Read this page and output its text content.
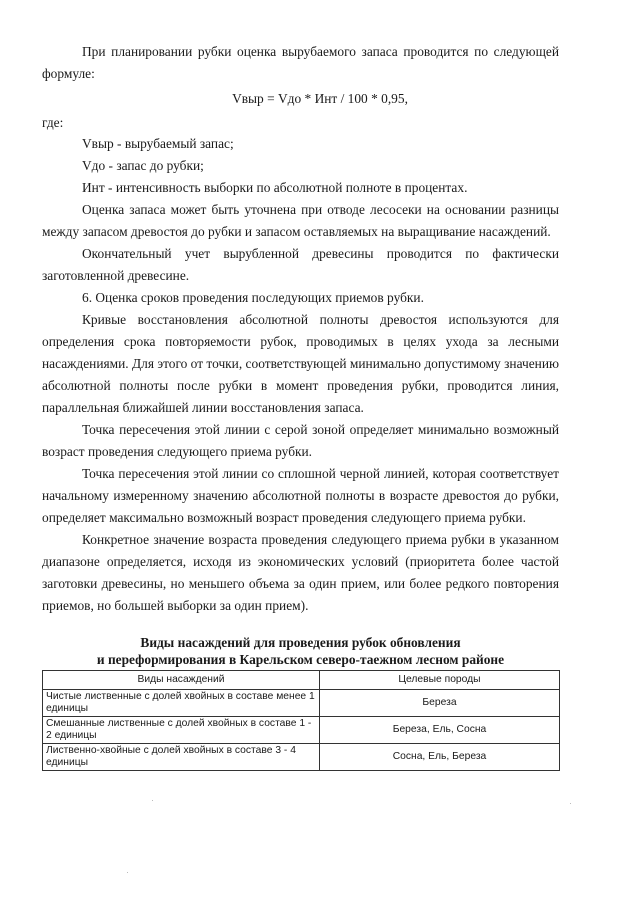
При планировании рубки оценка вырубаемого запаса проводится по следующей формуле:
Vвыр = Vдо * Инт / 100 * 0,95,
где:
Vвыр - вырубаемый запас;
Vдо - запас до рубки;
Инт - интенсивность выборки по абсолютной полноте в процентах.
Оценка запаса может быть уточнена при отводе лесосеки на основании разницы между запасом древостоя до рубки и запасом оставляемых на выращивание насаждений.
Окончательный учет вырубленной древесины проводится по фактически заготовленной древесине.
6. Оценка сроков проведения последующих приемов рубки.
Кривые восстановления абсолютной полноты древостоя используются для определения срока повторяемости рубок, проводимых в целях ухода за лесными насаждениями. Для этого от точки, соответствующей минимально допустимому значению абсолютной полноты после рубки в момент проведения рубки, проводится линия, параллельная ближайшей линии восстановления запаса.
Точка пересечения этой линии с серой зоной определяет минимально возможный возраст проведения следующего приема рубки.
Точка пересечения этой линии со сплошной черной линией, которая соответствует начальному измеренному значению абсолютной полноты в возрасте древостоя до рубки, определяет максимально возможный возраст проведения следующего приема рубки.
Конкретное значение возраста проведения следующего приема рубки в указанном диапазоне определяется, исходя из экономических условий (приоритета более частой заготовки древесины, но меньшего объема за один прием, или более редкого повторения приемов, но большей выборки за один прием).
Виды насаждений для проведения рубок обновления
и переформирования в Карельском северо-таежном лесном районе
Виды насаждений	Целевые породы
Чистые лиственные с долей хвойных в составе менее 1 единицы	Береза
Смешанные лиственные с долей хвойных в составе 1 - 2 единицы	Береза, Ель, Сосна
Лиственно-хвойные с долей хвойных в составе 3 - 4 единицы	Сосна, Ель, Береза
